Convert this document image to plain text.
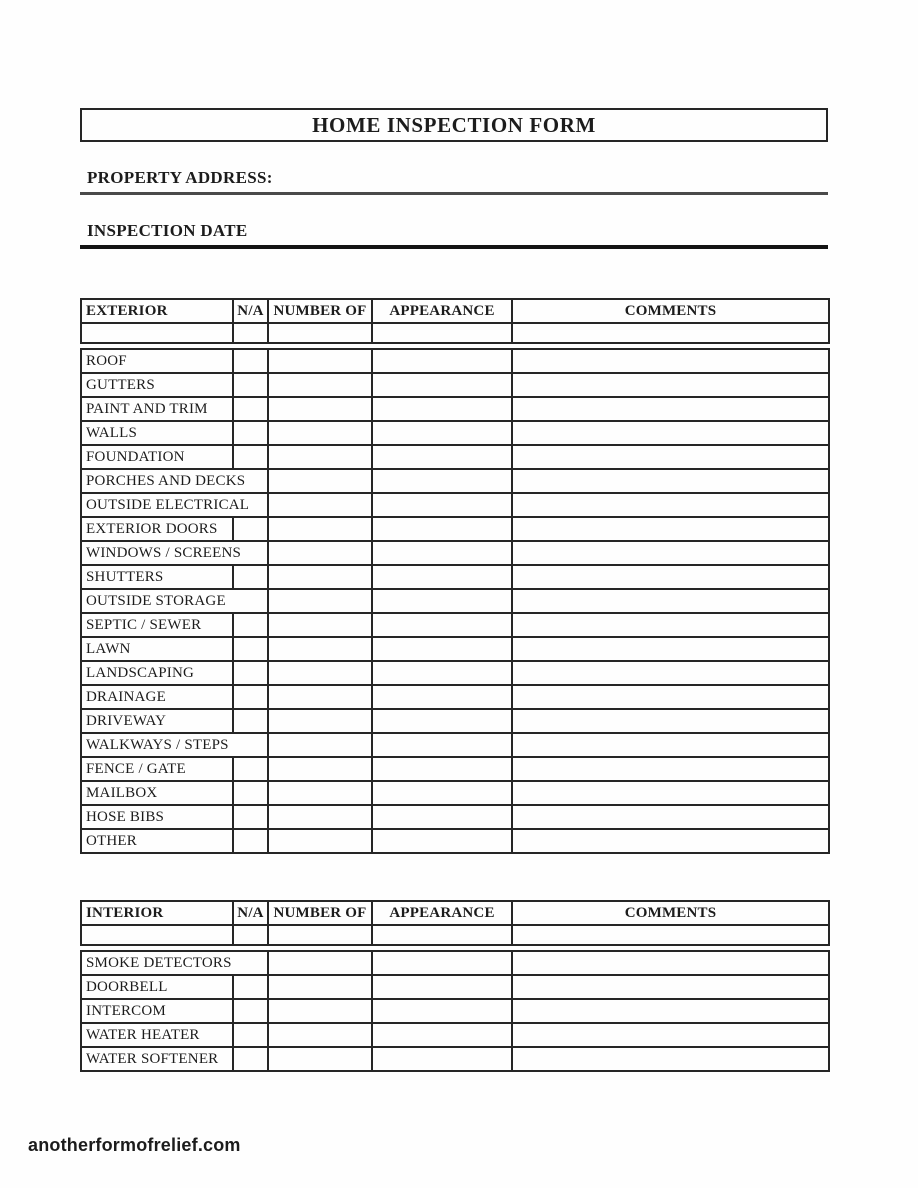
HOME INSPECTION FORM
PROPERTY ADDRESS:
INSPECTION DATE
EXTERIOR	N/A	NUMBER OF	APPEARANCE	COMMENTS

ROOF				
GUTTERS				
PAINT AND TRIM				
WALLS				
FOUNDATION				
PORCHES AND DECKS				
OUTSIDE ELECTRICAL				
EXTERIOR DOORS				
WINDOWS / SCREENS				
SHUTTERS				
OUTSIDE STORAGE				
SEPTIC / SEWER				
LAWN				
LANDSCAPING				
DRAINAGE				
DRIVEWAY				
WALKWAYS / STEPS				
FENCE / GATE				
MAILBOX				
HOSE BIBS				
OTHER				
INTERIOR	N/A	NUMBER OF	APPEARANCE	COMMENTS

SMOKE DETECTORS				
DOORBELL				
INTERCOM				
WATER HEATER				
WATER SOFTENER				
anotherformofrelief.com
